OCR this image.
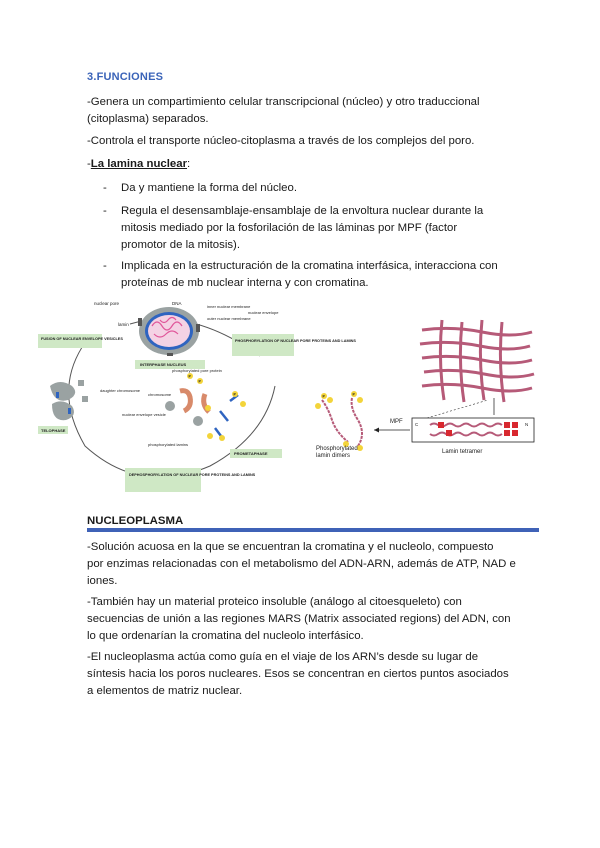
3.FUNCIONES
-Genera un compartimiento celular transcripcional (núcleo) y otro traduccional
(citoplasma) separados.
-Controla el transporte núcleo-citoplasma a través de los complejos del poro.
-La lamina nuclear:
- Da y mantiene la forma del núcleo.
- Regula el desensamblaje-ensamblaje de la envoltura nuclear durante la
mitosis mediado por la fosforilación de las láminas por MPF (factor
promotor de la mitosis).
- Implicada en la estructuración de la cromatina interfásica, interacciona con
proteínas de mb nuclear interna y con cromatina.
nuclear pore	DNA
inner nuclear membrane
outer nuclear membrane
nuclear envelope
lamin
FUSION OF NUCLEAR ENVELOPE VESICLES	PHOSPHORYLATION OF NUCLEAR PORE PROTEINS AND LAMINS
INTERPHASE NUCLEUS
daughter chromosome
TELOPHASE
P
P
P
phosphorylated pore protein
chromosome
nuclear envelope vesicle
phosphorylated lamins
PROMETAPHASE
DEPHOSPHORYLATION OF NUCLEAR PORE PROTEINS AND LAMINS
C	N
Lamin tetramer
MPF
P	P
Phosphorylated
lamin dimers
NUCLEOPLASMA
-Solución acuosa en la que se encuentran la cromatina y el nucleolo, compuesto
por enzimas relacionadas con el metabolismo del ADN-ARN, además de ATP, NAD e
iones.
-También hay un material proteico insoluble (análogo al citoesqueleto) con
secuencias de unión a las regiones MARS (Matrix associated regions) del ADN, con
lo que ordenarían la cromatina del nucleolo interfásico.
-El nucleoplasma actúa como guía en el viaje de los ARN’s desde su lugar de
síntesis hacia los poros nucleares. Esos se concentran en ciertos puntos asociados
a elementos de matriz nuclear.
